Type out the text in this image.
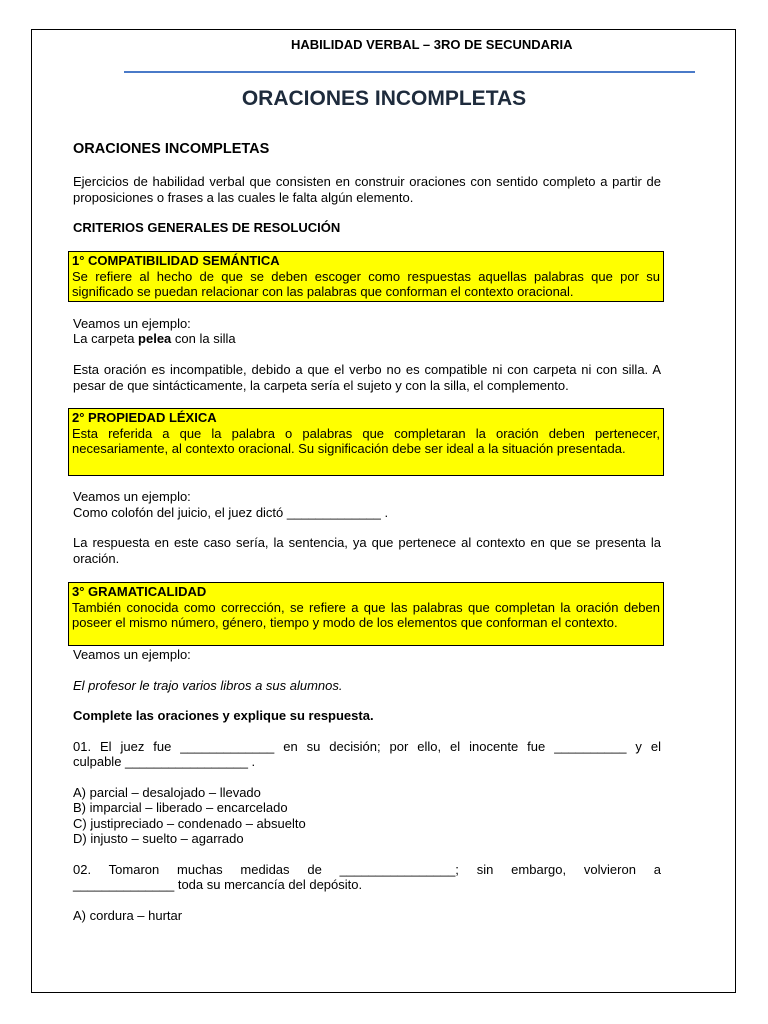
HABILIDAD VERBAL – 3RO DE SECUNDARIA
ORACIONES INCOMPLETAS
ORACIONES INCOMPLETAS
Ejercicios de habilidad verbal que consisten en construir oraciones con sentido completo a partir de proposiciones o frases a las cuales le falta algún elemento.
CRITERIOS GENERALES DE RESOLUCIÓN
1° COMPATIBILIDAD SEMÁNTICA
Se refiere al hecho de que se deben escoger como respuestas aquellas palabras que por su significado se puedan relacionar con las palabras que conforman el contexto oracional.
Veamos un ejemplo:
La carpeta pelea con la silla
Esta oración es incompatible, debido a que el verbo no es compatible ni con carpeta ni con silla. A pesar de que sintácticamente, la carpeta sería el sujeto y con la silla, el complemento.
2° PROPIEDAD LÉXICA
Esta referida a que la palabra o palabras que completaran la oración deben pertenecer, necesariamente, al contexto oracional. Su significación debe ser ideal a la situación presentada.
Veamos un ejemplo:
Como colofón del juicio, el juez dictó _____________ .
La respuesta en este caso sería, la sentencia, ya que pertenece al contexto en que se presenta la oración.
3° GRAMATICALIDAD
También conocida como corrección, se refiere a que las palabras que completan la oración deben poseer el mismo número, género, tiempo y modo de los elementos que conforman el contexto.
Veamos un ejemplo:
El profesor le trajo varios libros a sus alumnos.
Complete las oraciones y explique su respuesta.
01. El juez fue _____________ en su decisión; por ello, el inocente fue __________ y el
culpable _________________ .
A) parcial – desalojado – llevado
B) imparcial – liberado – encarcelado
C) justipreciado – condenado – absuelto
D) injusto – suelto – agarrado
02. Tomaron muchas medidas de ________________; sin embargo, volvieron a
______________ toda su mercancía del depósito.
A) cordura – hurtar
